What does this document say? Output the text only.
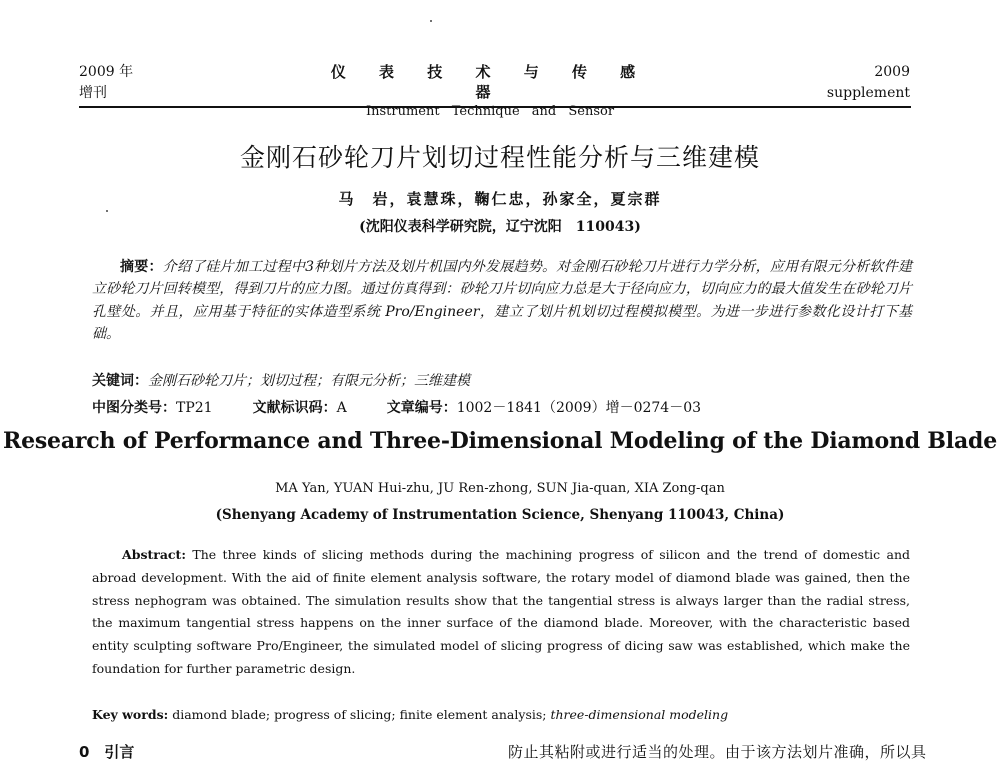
2009 年
增刊
仪 表 技 术 与 传 感 器
Instrument Technique and Sensor
2009
supplement
金刚石砂轮刀片划切过程性能分析与三维建模
马　岩，袁慧珠，鞠仁忠，孙家全，夏宗群
(沈阳仪表科学研究院，辽宁沈阳　110043)
摘要：介绍了硅片加工过程中3种划片方法及划片机国内外发展趋势。对金刚石砂轮刀片进行力学分析，应用有限元分析软件建立砂轮刀片回转模型，得到刀片的应力图。通过仿真得到：砂轮刀片切向应力总是大于径向应力，切向应力的最大值发生在砂轮刀片孔壁处。并且，应用基于特征的实体造型系统 Pro/Engineer，建立了划片机划切过程模拟模型。为进一步进行参数化设计打下基础。
关键词：金刚石砂轮刀片；划切过程；有限元分析；三维建模
中图分类号：TP21	文献标识码：A	文章编号：1002－1841（2009）增－0274－03
Research of Performance and Three-Dimensional Modeling of the Diamond Blade
MA Yan, YUAN Hui-zhu, JU Ren-zhong, SUN Jia-quan, XIA Zong-qan
(Shenyang Academy of Instrumentation Science, Shenyang 110043, China)
Abstract: The three kinds of slicing methods during the machining progress of silicon and the trend of domestic and abroad development. With the aid of finite element analysis software, the rotary model of diamond blade was gained, then the stress nephogram was obtained. The simulation results show that the tangential stress is always larger than the radial stress, the maximum tangential stress happens on the inner surface of the diamond blade. Moreover, with the characteristic based entity sculpting software Pro/Engineer, the simulated model of slicing progress of dicing saw was established, which make the foundation for further parametric design.
Key words: diamond blade; progress of slicing; finite element analysis; three-dimensional modeling
0　引言	防止其粘附或进行适当的处理。由于该方法划片准确，所以具
